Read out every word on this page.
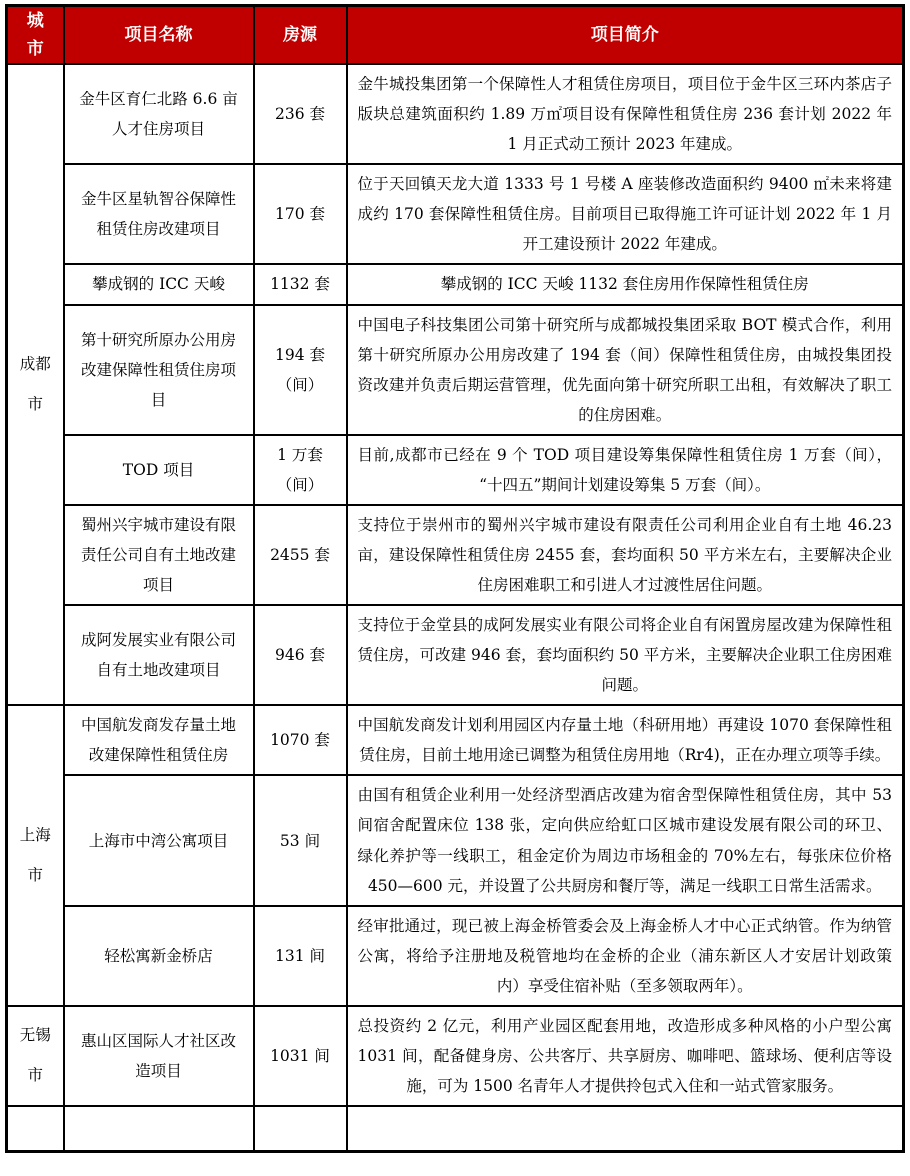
城市	项目名称	房源	项目简介
成都市	金牛区育仁北路 6.6 亩人才住房项目	236 套	金牛城投集团第一个保障性人才租赁住房项目，项目位于金牛区三环内茶店子版块总建筑面积约 1.89 万㎡项目设有保障性租赁住房 236 套计划 2022 年 1 月正式动工预计 2023 年建成。
	金牛区星轨智谷保障性租赁住房改建项目	170 套	位于天回镇天龙大道 1333 号 1 号楼 A 座装修改造面积约 9400 ㎡未来将建成约 170 套保障性租赁住房。目前项目已取得施工许可证计划 2022 年 1 月开工建设预计 2022 年建成。
	攀成钢的 ICC 天峻	1132 套	攀成钢的 ICC 天峻 1132 套住房用作保障性租赁住房
	第十研究所原办公用房改建保障性租赁住房项目	194 套（间）	中国电子科技集团公司第十研究所与成都城投集团采取 BOT 模式合作，利用第十研究所原办公用房改建了 194 套（间）保障性租赁住房，由城投集团投资改建并负责后期运营管理，优先面向第十研究所职工出租，有效解决了职工的住房困难。
	TOD 项目	1 万套（间）	目前,成都市已经在 9 个 TOD 项目建设筹集保障性租赁住房 1 万套（间），“十四五”期间计划建设筹集 5 万套（间）。
	蜀州兴宇城市建设有限责任公司自有土地改建项目	2455 套	支持位于崇州市的蜀州兴宇城市建设有限责任公司利用企业自有土地 46.23 亩，建设保障性租赁住房 2455 套，套均面积 50 平方米左右，主要解决企业住房困难职工和引进人才过渡性居住问题。
	成阿发展实业有限公司自有土地改建项目	946 套	支持位于金堂县的成阿发展实业有限公司将企业自有闲置房屋改建为保障性租赁住房，可改建 946 套，套均面积约 50 平方米，主要解决企业职工住房困难问题。
上海市	中国航发商发存量土地改建保障性租赁住房	1070 套	中国航发商发计划利用园区内存量土地（科研用地）再建设 1070 套保障性租赁住房，目前土地用途已调整为租赁住房用地（Rr4)，正在办理立项等手续。
	上海市中湾公寓项目	53 间	由国有租赁企业利用一处经济型酒店改建为宿舍型保障性租赁住房，其中 53 间宿舍配置床位 138 张，定向供应给虹口区城市建设发展有限公司的环卫、绿化养护等一线职工，租金定价为周边市场租金的 70%左右，每张床位价格 450—600 元，并设置了公共厨房和餐厅等，满足一线职工日常生活需求。
	轻松寓新金桥店	131 间	经审批通过，现已被上海金桥管委会及上海金桥人才中心正式纳管。作为纳管公寓，将给予注册地及税管地均在金桥的企业（浦东新区人才安居计划政策内）享受住宿补贴（至多领取两年）。
无锡市	惠山区国际人才社区改造项目	1031 间	总投资约 2 亿元，利用产业园区配套用地，改造形成多种风格的小户型公寓 1031 间，配备健身房、公共客厅、共享厨房、咖啡吧、篮球场、便利店等设施，可为 1500 名青年人才提供拎包式入住和一站式管家服务。
